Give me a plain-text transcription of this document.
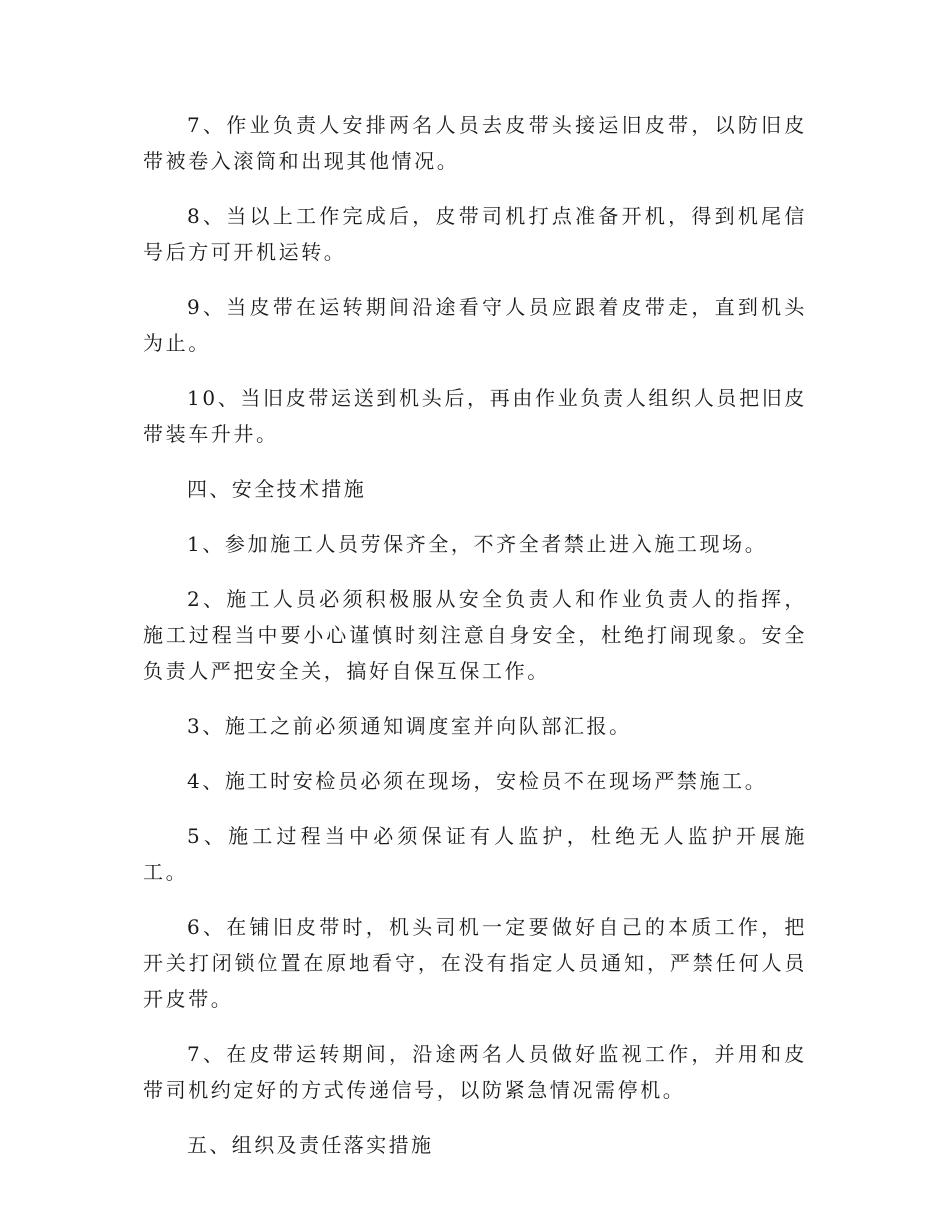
7、作业负责人安排两名人员去皮带头接运旧皮带，以防旧皮带被卷入滚筒和出现其他情况。

8、当以上工作完成后，皮带司机打点准备开机，得到机尾信号后方可开机运转。

9、当皮带在运转期间沿途看守人员应跟着皮带走，直到机头为止。

10、当旧皮带运送到机头后，再由作业负责人组织人员把旧皮带装车升井。

四、安全技术措施

1、参加施工人员劳保齐全，不齐全者禁止进入施工现场。

2、施工人员必须积极服从安全负责人和作业负责人的指挥，施工过程当中要小心谨慎时刻注意自身安全，杜绝打闹现象。安全负责人严把安全关，搞好自保互保工作。

3、施工之前必须通知调度室并向队部汇报。

4、施工时安检员必须在现场，安检员不在现场严禁施工。

5、施工过程当中必须保证有人监护，杜绝无人监护开展施工。

6、在铺旧皮带时，机头司机一定要做好自己的本质工作，把开关打闭锁位置在原地看守，在没有指定人员通知，严禁任何人员开皮带。

7、在皮带运转期间，沿途两名人员做好监视工作，并用和皮带司机约定好的方式传递信号，以防紧急情况需停机。

五、组织及责任落实措施
